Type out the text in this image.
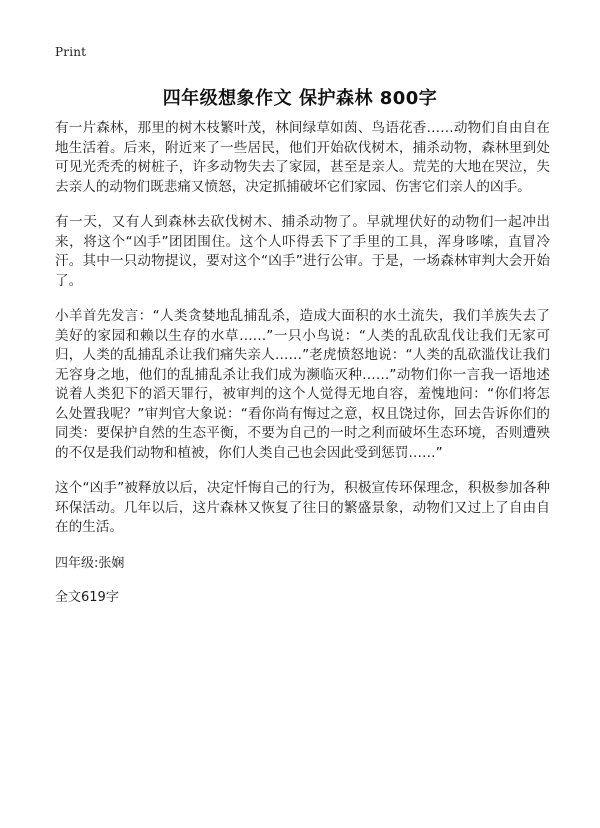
Print
四年级想象作文 保护森林 800字

有一片森林，那里的树木枝繁叶茂，林间绿草如茵、鸟语花香……动物们自由自在地生活着。后来，附近来了一些居民，他们开始砍伐树木，捕杀动物，森林里到处可见光秃秃的树桩子，许多动物失去了家园，甚至是亲人。荒芜的大地在哭泣，失去亲人的动物们既悲痛又愤怒，决定抓捕破坏它们家园、伤害它们亲人的凶手。

有一天，又有人到森林去砍伐树木、捕杀动物了。早就埋伏好的动物们一起冲出来，将这个“凶手”团团围住。这个人吓得丢下了手里的工具，浑身哆嗦，直冒冷汗。其中一只动物提议，要对这个“凶手”进行公审。于是，一场森林审判大会开始了。

小羊首先发言：“人类贪婪地乱捕乱杀，造成大面积的水土流失，我们羊族失去了美好的家园和赖以生存的水草……”一只小鸟说：“人类的乱砍乱伐让我们无家可归，人类的乱捕乱杀让我们痛失亲人……”老虎愤怒地说：“人类的乱砍滥伐让我们无容身之地，他们的乱捕乱杀让我们成为濒临灭种……”动物们你一言我一语地述说着人类犯下的滔天罪行，被审判的这个人觉得无地自容，羞愧地问：“你们将怎么处置我呢？”审判官大象说：“看你尚有悔过之意，权且饶过你，回去告诉你们的同类：要保护自然的生态平衡，不要为自己的一时之利而破坏生态环境，否则遭殃的不仅是我们动物和植被，你们人类自己也会因此受到惩罚……”

这个“凶手”被释放以后，决定忏悔自己的行为，积极宣传环保理念，积极参加各种环保活动。几年以后，这片森林又恢复了往日的繁盛景象，动物们又过上了自由自在的生活。

四年级:张娴

全文619字
